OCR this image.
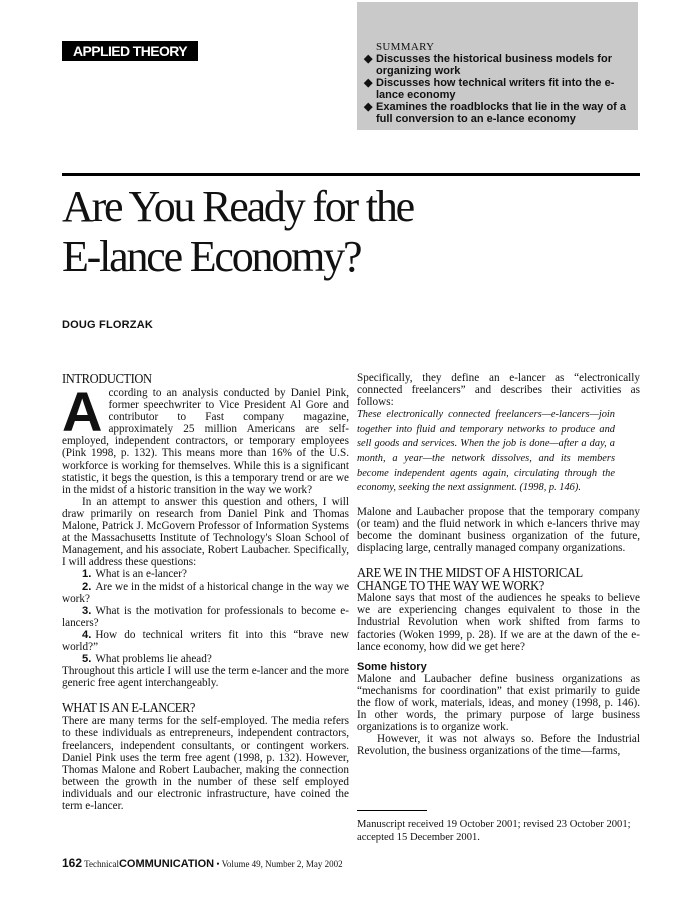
APPLIED THEORY	SUMMARY
◆ Discusses the historical business models for organizing work
◆ Discusses how technical writers fit into the e-lance economy
◆ Examines the roadblocks that lie in the way of a full conversion to an e-lance economy
Are You Ready for the
E-lance Economy?
DOUG FLORZAK

INTRODUCTION

A ccording to an analysis conducted by Daniel Pink, former speechwriter to Vice President Al Gore and contributor to Fast company magazine, approximately 25 million Americans are self-employed, independent contractors, or temporary employees (Pink 1998, p. 132). This means more than 16% of the U.S. workforce is working for themselves. While this is a significant statistic, it begs the question, is this a temporary trend or are we in the midst of a historic transition in the way we work?

In an attempt to answer this question and others, I will draw primarily on research from Daniel Pink and Thomas Malone, Patrick J. McGovern Professor of Information Systems at the Massachusetts Institute of Technology's Sloan School of Management, and his associate, Robert Laubacher. Specifically, I will address these questions:

1. What is an e-lancer?

2. Are we in the midst of a historical change in the way we work?

3. What is the motivation for professionals to become e-lancers?

4. How do technical writers fit into this “brave new world?”

5. What problems lie ahead?

Throughout this article I will use the term e-lancer and the more generic free agent interchangeably.

WHAT IS AN E-LANCER?

There are many terms for the self-employed. The media refers to these individuals as entrepreneurs, independent contractors, freelancers, independent consultants, or contingent workers. Daniel Pink uses the term free agent (1998, p. 132). However, Thomas Malone and Robert Laubacher, making the connection between the growth in the number of these self employed individuals and our electronic infrastructure, have coined the term e-lancer.

Specifically, they define an e-lancer as “electronically connected freelancers” and describes their activities as follows:

These electronically connected freelancers—e-lancers—join together into fluid and temporary networks to produce and sell goods and services. When the job is done—after a day, a month, a year—the network dissolves, and its members become independent agents again, circulating through the economy, seeking the next assignment. (1998, p. 146).

Malone and Laubacher propose that the temporary company (or team) and the fluid network in which e-lancers thrive may become the dominant business organization of the future, displacing large, centrally managed company organizations.

ARE WE IN THE MIDST OF A HISTORICAL
CHANGE TO THE WAY WE WORK?

Malone says that most of the audiences he speaks to believe we are experiencing changes equivalent to those in the Industrial Revolution when work shifted from farms to factories (Woken 1999, p. 28). If we are at the dawn of the e-lance economy, how did we get here?

Some history

Malone and Laubacher define business organizations as “mechanisms for coordination” that exist primarily to guide the flow of work, materials, ideas, and money (1998, p. 146). In other words, the primary purpose of large business organizations is to organize work.

However, it was not always so. Before the Industrial Revolution, the business organizations of the time—farms,

Manuscript received 19 October 2001; revised 23 October 2001; accepted 15 December 2001.

162 TechnicalCOMMUNICATION • Volume 49, Number 2, May 2002
